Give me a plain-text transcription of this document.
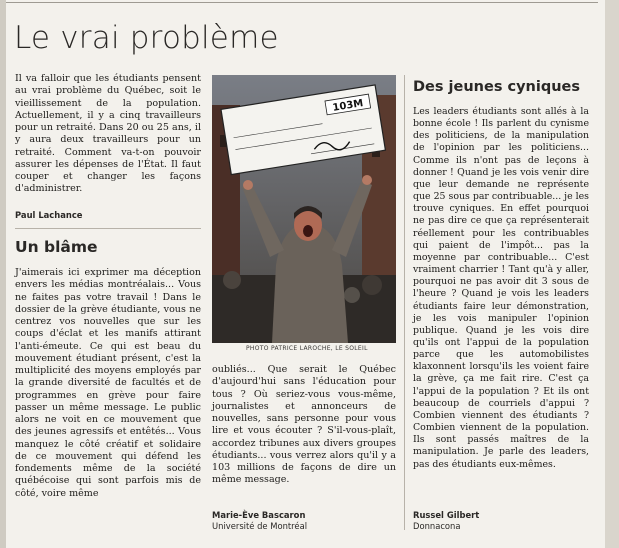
Le vrai problème

Il va falloir que les étudiants pensent au vrai problème du Québec, soit le vieillissement de la population. Actuellement, il y a cinq travailleurs pour un retraité. Dans 20 ou 25 ans, il y aura deux travailleurs pour un retraité. Comment va-t-on pouvoir assurer les dépenses de l'État. Il faut couper et changer les façons d'administrer.

Paul Lachance
Un blâme

J'aimerais ici exprimer ma déception envers les médias montréalais... Vous ne faites pas votre travail ! Dans le dossier de la grève étudiante, vous ne centrez vos nouvelles que sur les coups d'éclat et les manifs attirant l'anti-émeute. Ce qui est beau du mouvement étudiant présent, c'est la multiplicité des moyens employés par la grande diversité de facultés et de programmes en grève pour faire passer un même message. Le public alors ne voit en ce mouvement que des jeunes agressifs et entêtés... Vous manquez le côté créatif et solidaire de ce mouvement qui défend les fondements même de la société québécoise qui sont parfois mis de côté, voire même

oubliés... Que serait le Québec d'aujourd'hui sans l'éducation pour tous ? Où seriez-vous vous-même, journalistes et annonceurs de nouvelles, sans personne pour vous lire et vous écouter ? S'il-vous-plaît, accordez tribunes aux divers groupes étudiants... vous verrez alors qu'il y a 103 millions de façons de dire un même message.

Marie-Ève Bascaron
Université de Montréal
103M
PHOTO PATRICE LAROCHE, LE SOLEIL
Des jeunes cyniques

Les leaders étudiants sont allés à la bonne école ! Ils parlent du cynisme des politiciens, de la manipulation de l'opinion par les politiciens... Comme ils n'ont pas de leçons à donner ! Quand je les vois venir dire que leur demande ne représente que 25 sous par contribuable... je les trouve cyniques. En effet pourquoi ne pas dire ce que ça représenterait réellement pour les contribuables qui paient de l'impôt... pas la moyenne par contribuable... C'est vraiment charrier ! Tant qu'à y aller, pourquoi ne pas avoir dit 3 sous de l'heure ? Quand je vois les leaders étudiants faire leur démonstration, je les vois manipuler l'opinion publique. Quand je les vois dire qu'ils ont l'appui de la population parce que les automobilistes klaxonnent lorsqu'ils les voient faire la grève, ça me fait rire. C'est ça l'appui de la population ? Et ils ont beaucoup de courriels d'appui ? Combien viennent des étudiants ? Combien viennent de la population. Ils sont passés maîtres de la manipulation. Je parle des leaders, pas des étudiants eux-mêmes.

Russel Gilbert
Donnacona
